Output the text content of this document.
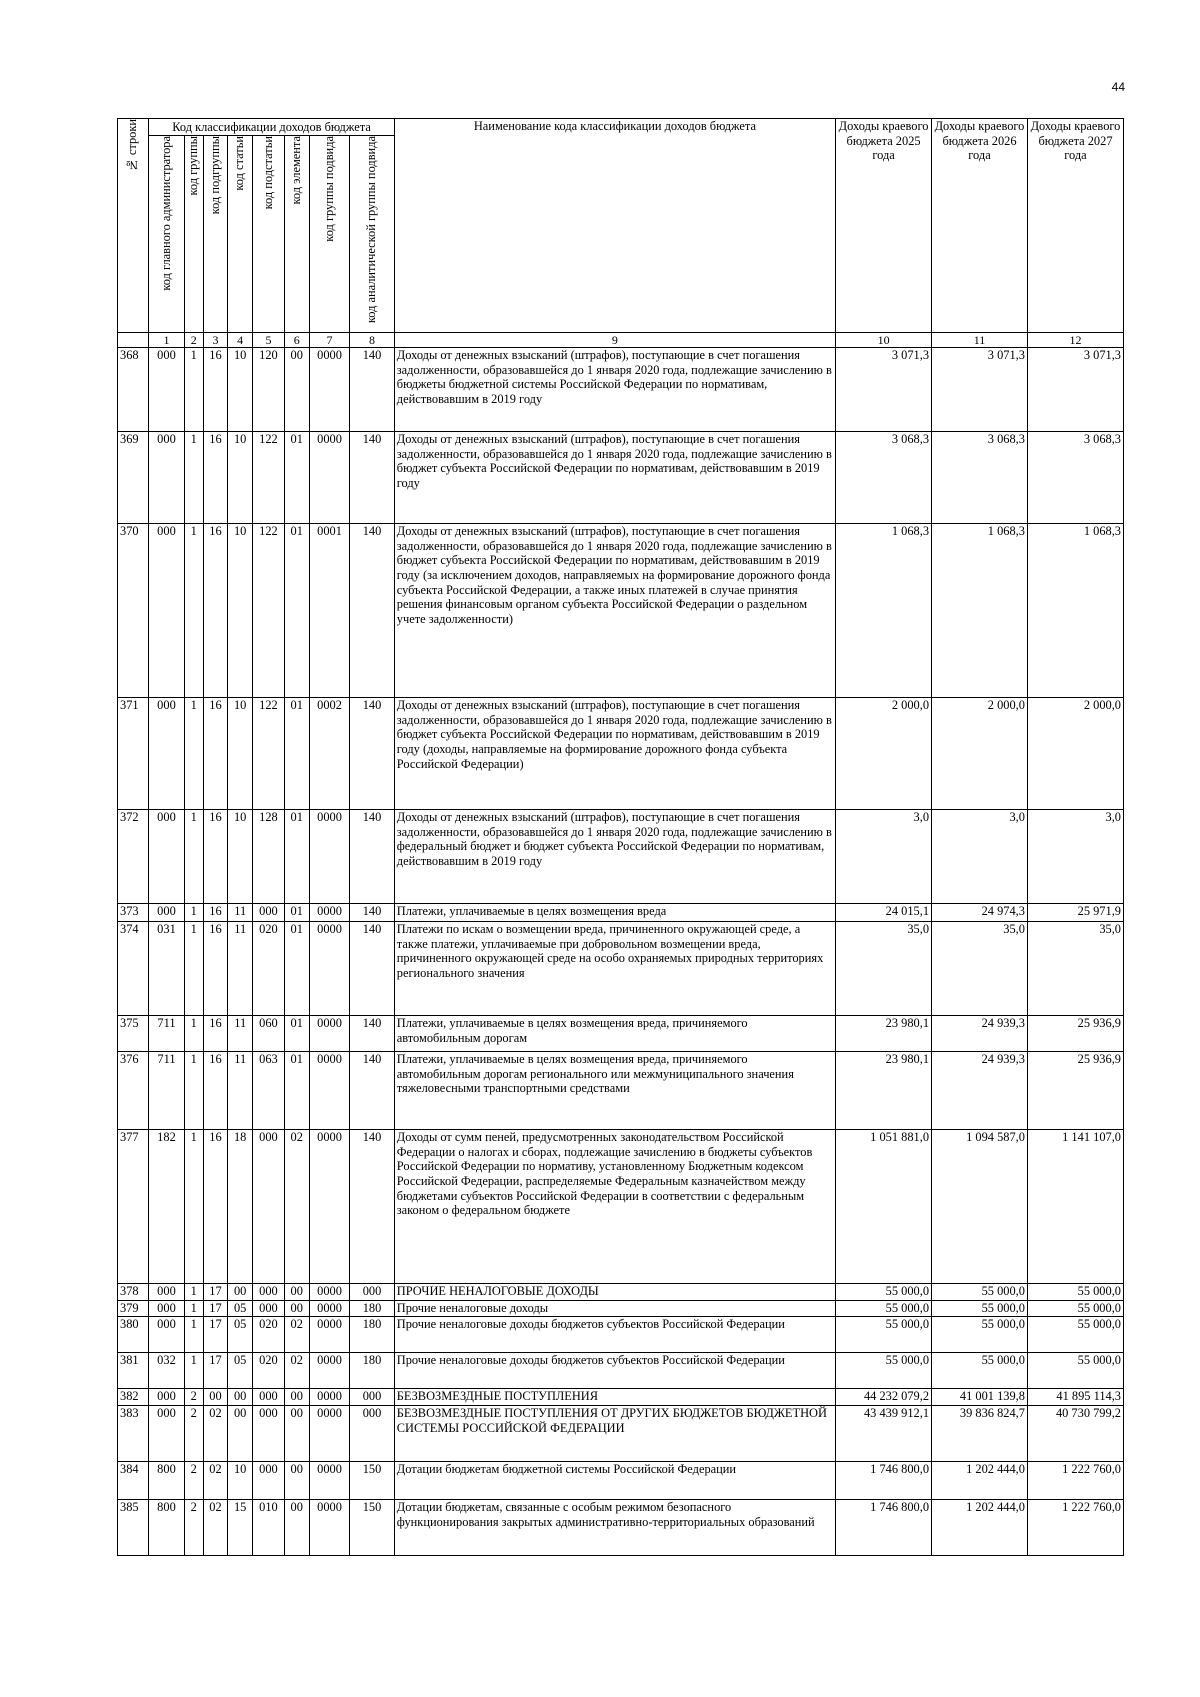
44
№ строки	Код классификации доходов бюджета								Наименование кода классификации доходов бюджета	Доходы краевого бюджета 2025 года	Доходы краевого бюджета 2026 года	Доходы краевого бюджета 2027 года
	код главного администратора	код группы	код подгруппы	код статьи	код подстатьи	код элемента	код группы подвида	код аналитической группы подвида				
	1	2	3	4	5	6	7	8	9	10	11	12
368	000	1	16	10	120	00	0000	140	Доходы от денежных взысканий (штрафов), поступающие в счет погашения задолженности, образовавшейся до 1 января 2020 года, подлежащие зачислению в бюджеты бюджетной системы Российской Федерации по нормативам, действовавшим в 2019 году	3 071,3	3 071,3	3 071,3
369	000	1	16	10	122	01	0000	140	Доходы от денежных взысканий (штрафов), поступающие в счет погашения задолженности, образовавшейся до 1 января 2020 года, подлежащие зачислению в бюджет субъекта Российской Федерации по нормативам, действовавшим в 2019 году	3 068,3	3 068,3	3 068,3
370	000	1	16	10	122	01	0001	140	Доходы от денежных взысканий (штрафов), поступающие в счет погашения задолженности, образовавшейся до 1 января 2020 года, подлежащие зачислению в бюджет субъекта Российской Федерации по нормативам, действовавшим в 2019 году (за исключением доходов, направляемых на формирование дорожного фонда субъекта Российской Федерации, а также иных платежей в случае принятия решения финансовым органом субъекта Российской Федерации о раздельном учете задолженности)	1 068,3	1 068,3	1 068,3
371	000	1	16	10	122	01	0002	140	Доходы от денежных взысканий (штрафов), поступающие в счет погашения задолженности, образовавшейся до 1 января 2020 года, подлежащие зачислению в бюджет субъекта Российской Федерации по нормативам, действовавшим в 2019 году (доходы, направляемые на формирование дорожного фонда субъекта Российской Федерации)	2 000,0	2 000,0	2 000,0
372	000	1	16	10	128	01	0000	140	Доходы от денежных взысканий (штрафов), поступающие в счет погашения задолженности, образовавшейся до 1 января 2020 года, подлежащие зачислению в федеральный бюджет и бюджет субъекта Российской Федерации по нормативам, действовавшим в 2019 году	3,0	3,0	3,0
373	000	1	16	11	000	01	0000	140	Платежи, уплачиваемые в целях возмещения вреда	24 015,1	24 974,3	25 971,9
374	031	1	16	11	020	01	0000	140	Платежи по искам о возмещении вреда, причиненного окружающей среде, а также платежи, уплачиваемые при добровольном возмещении вреда, причиненного окружающей среде на особо охраняемых природных территориях регионального значения	35,0	35,0	35,0
375	711	1	16	11	060	01	0000	140	Платежи, уплачиваемые в целях возмещения вреда, причиняемого автомобильным дорогам	23 980,1	24 939,3	25 936,9
376	711	1	16	11	063	01	0000	140	Платежи, уплачиваемые в целях возмещения вреда, причиняемого автомобильным дорогам регионального или межмуниципального значения тяжеловесными транспортными средствами	23 980,1	24 939,3	25 936,9
377	182	1	16	18	000	02	0000	140	Доходы от сумм пеней, предусмотренных законодательством Российской Федерации о налогах и сборах, подлежащие зачислению в бюджеты субъектов Российской Федерации по нормативу, установленному Бюджетным кодексом Российской Федерации, распределяемые Федеральным казначейством между бюджетами субъектов Российской Федерации в соответствии с федеральным законом о федеральном бюджете	1 051 881,0	1 094 587,0	1 141 107,0
378	000	1	17	00	000	00	0000	000	ПРОЧИЕ НЕНАЛОГОВЫЕ ДОХОДЫ	55 000,0	55 000,0	55 000,0
379	000	1	17	05	000	00	0000	180	Прочие неналоговые доходы	55 000,0	55 000,0	55 000,0
380	000	1	17	05	020	02	0000	180	Прочие неналоговые доходы бюджетов субъектов Российской Федерации	55 000,0	55 000,0	55 000,0
381	032	1	17	05	020	02	0000	180	Прочие неналоговые доходы бюджетов субъектов Российской Федерации	55 000,0	55 000,0	55 000,0
382	000	2	00	00	000	00	0000	000	БЕЗВОЗМЕЗДНЫЕ ПОСТУПЛЕНИЯ	44 232 079,2	41 001 139,8	41 895 114,3
383	000	2	02	00	000	00	0000	000	БЕЗВОЗМЕЗДНЫЕ ПОСТУПЛЕНИЯ ОТ ДРУГИХ БЮДЖЕТОВ БЮДЖЕТНОЙ СИСТЕМЫ РОССИЙСКОЙ ФЕДЕРАЦИИ	43 439 912,1	39 836 824,7	40 730 799,2
384	800	2	02	10	000	00	0000	150	Дотации бюджетам бюджетной системы Российской Федерации	1 746 800,0	1 202 444,0	1 222 760,0
385	800	2	02	15	010	00	0000	150	Дотации бюджетам, связанные с особым режимом безопасного функционирования закрытых административно-территориальных образований	1 746 800,0	1 202 444,0	1 222 760,0
